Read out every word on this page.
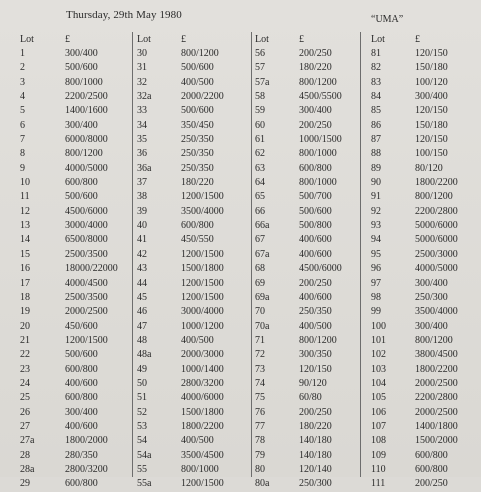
Thursday, 29th May 1980	“UMA”
Lot	£
1	300/400
2	500/600
3	800/1000
4	2200/2500
5	1400/1600
6	300/400
7	6000/8000
8	800/1200
9	4000/5000
10	600/800
11	500/600
12	4500/6000
13	3000/4000
14	6500/8000
15	2500/3500
16	18000/22000
17	4000/4500
18	2500/3500
19	2000/2500
20	450/600
21	1200/1500
22	500/600
23	600/800
24	400/600
25	600/800
26	300/400
27	400/600
27a	1800/2000
28	280/350
28a	2800/3200
29	600/800
Lot	£
30	800/1200
31	500/600
32	400/500
32a	2000/2200
33	500/600
34	350/450
35	250/350
36	250/350
36a	250/350
37	180/220
38	1200/1500
39	3500/4000
40	600/800
41	450/550
42	1200/1500
43	1500/1800
44	1200/1500
45	1200/1500
46	3000/4000
47	1000/1200
48	400/500
48a	2000/3000
49	1000/1400
50	2800/3200
51	4000/6000
52	1500/1800
53	1800/2200
54	400/500
54a	3500/4500
55	800/1000
55a	1200/1500
Lot	£
56	200/250
57	180/220
57a	800/1200
58	4500/5500
59	300/400
60	200/250
61	1000/1500
62	800/1000
63	600/800
64	800/1000
65	500/700
66	500/600
66a	500/800
67	400/600
67a	400/600
68	4500/6000
69	200/250
69a	400/600
70	250/350
70a	400/500
71	800/1200
72	300/350
73	120/150
74	90/120
75	60/80
76	200/250
77	180/220
78	140/180
79	140/180
80	120/140
80a	250/300
Lot	£
81	120/150
82	150/180
83	100/120
84	300/400
85	120/150
86	150/180
87	120/150
88	100/150
89	80/120
90	1800/2200
91	800/1200
92	2200/2800
93	5000/6000
94	5000/6000
95	2500/3000
96	4000/5000
97	300/400
98	250/300
99	3500/4000
100	300/400
101	800/1200
102	3800/4500
103	1800/2200
104	2000/2500
105	2200/2800
106	2000/2500
107	1400/1800
108	1500/2000
109	600/800
110	600/800
111	200/250
